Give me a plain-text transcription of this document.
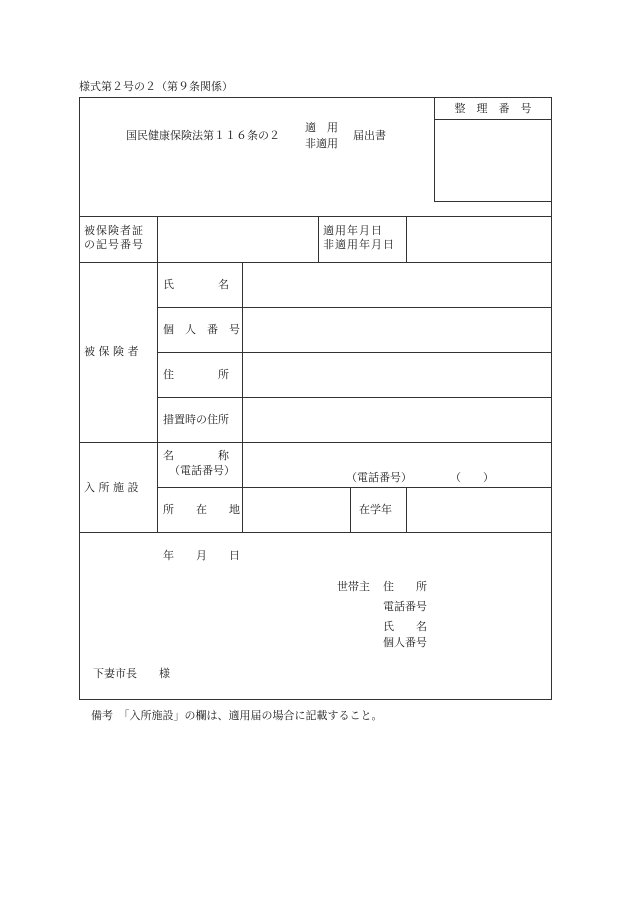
様式第２号の２（第９条関係）
国民健康保険法第１１６条の２
適　用
非適用
届出書
整　理　番　号
被保険者証
の記号番号
適用年月日
非適用年月日
被 保 険 者
氏　　　　名
個　人　番　号
住　　　　所
措置時の住所
入 所 施 設
名　　　　称
（電話番号）
（電話番号）	（　　）
所　　在　　地	在学年
年　　月　　日
世帯主 住　　所
電話番号
氏　　名
個人番号
下妻市長　　様
備考　「入所施設」の欄は、適用届の場合に記載すること。
